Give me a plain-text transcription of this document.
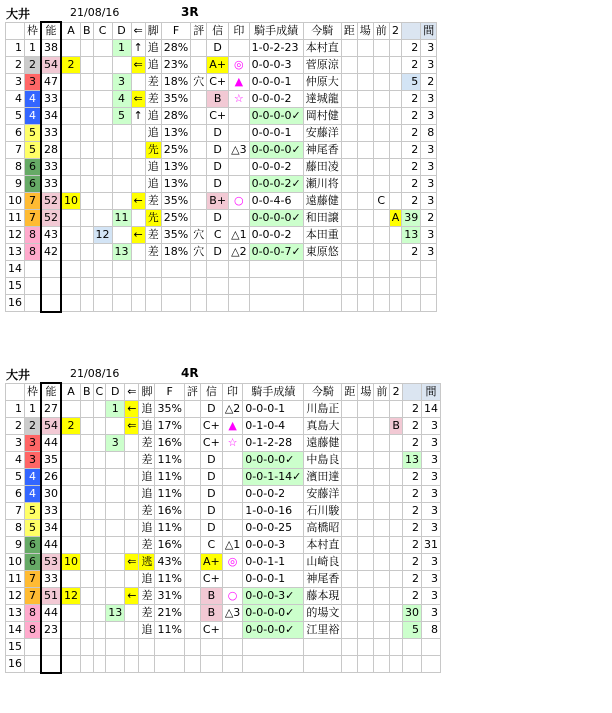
大井	21/08/16	3R
	枠	能	A	B	C	D	⇐	脚	F	評	信	印	騎手成績	今騎	距	場	前	2		間
1	1	38				1	↑	追	28%		D		1-0-2-23	本村直					2	3
2	2	54	2				⇐	追	23%		A+	◎	0-0-0-3	菅原涼					2	3
3	3	47				3		差	18%	穴	C+	▲	0-0-0-1	仲原大					5	2
4	4	33				4	⇐	差	35%		B	☆	0-0-0-2	達城龍					2	3
5	4	34				5	↑	追	28%		C+		0-0-0-0✓	岡村健					2	3
6	5	33						追	13%		D		0-0-0-1	安藤洋					2	8
7	5	28						先	25%		D	△3	0-0-0-0✓	神尾香					2	3
8	6	33						追	13%		D		0-0-0-2	藤田凌					2	3
9	6	33						追	13%		D		0-0-0-2✓	瀬川将					2	3
10	7	52	10				←	差	35%		B+	○	0-0-4-6	遠藤健			C		2	3
11	7	52				11		先	25%		D		0-0-0-0✓	和田譲				A	39	2
12	8	43			12		←	差	35%	穴	C	△1	0-0-0-2	本田重					13	3
13	8	42				13		差	18%	穴	D	△2	0-0-0-7✓	東原悠					2	3
14																				
15																				
16																				
大井	21/08/16	4R
	枠	能	A	B	C	D	⇐	脚	F	評	信	印	騎手成績	今騎	距	場	前	2		間
1	1	27				1	←	追	35%		D	△2	0-0-0-1	川島正					2	14
2	2	54	2				⇐	追	17%		C+	▲	0-1-0-4	真島大				B	2	3
3	3	44				3		差	16%		C+	☆	0-1-2-28	遠藤健					2	3
4	3	35						差	11%		D		0-0-0-0✓	中島良					13	3
5	4	26						追	11%		D		0-0-1-14✓	濱田達					2	3
6	4	30						追	11%		D		0-0-0-2	安藤洋					2	3
7	5	33						差	16%		D		1-0-0-16	石川駿					2	3
8	5	34						追	11%		D		0-0-0-25	高橋昭					2	3
9	6	44						差	16%		C	△1	0-0-0-3	本村直					2	31
10	6	53	10				⇐	逃	43%		A+	◎	0-0-1-1	山崎良					2	3
11	7	33						追	11%		C+		0-0-0-1	神尾香					2	3
12	7	51	12				←	差	31%		B	○	0-0-0-3✓	藤本現					2	3
13	8	44				13		差	21%		B	△3	0-0-0-0✓	的場文					30	3
14	8	23						追	11%		C+		0-0-0-0✓	江里裕					5	8
15																				
16																				
